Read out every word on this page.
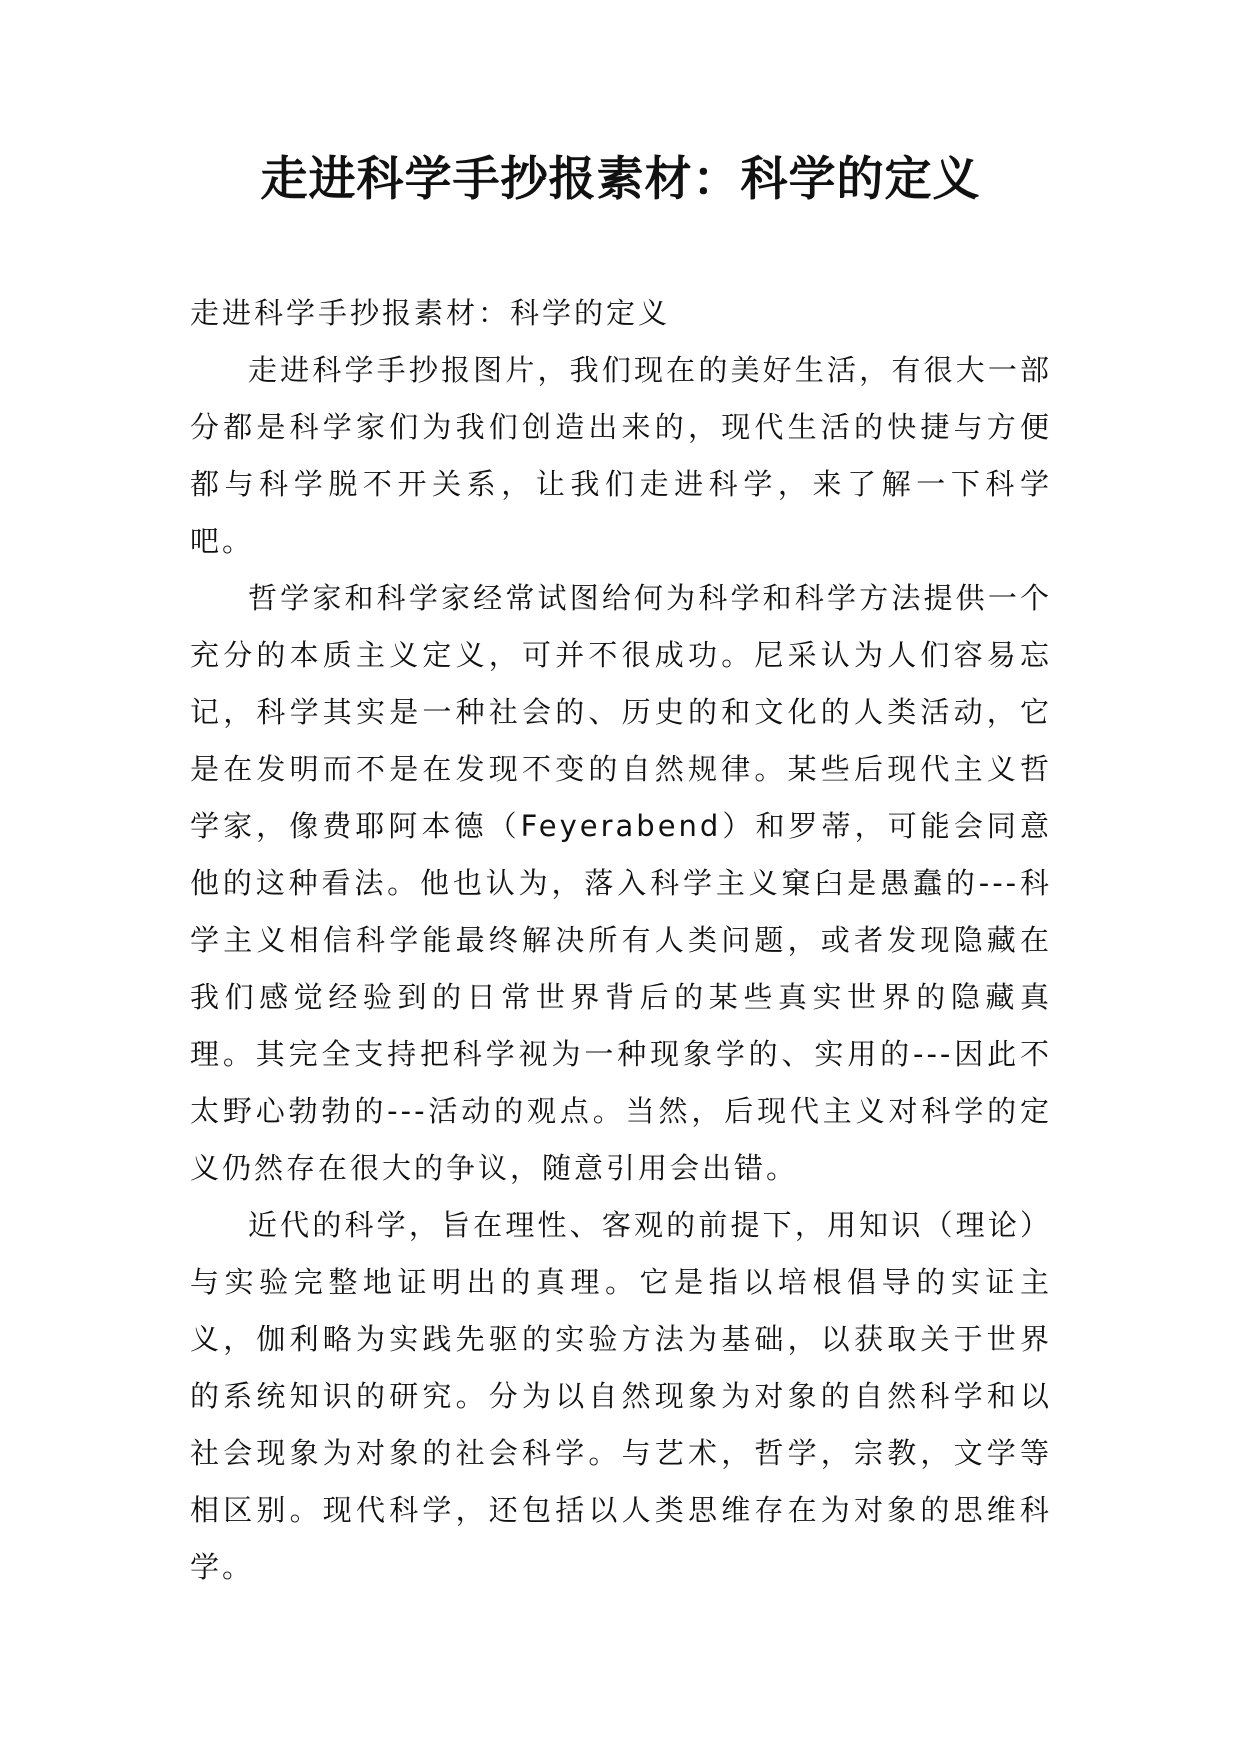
走进科学手抄报素材：科学的定义

走进科学手抄报素材：科学的定义

走进科学手抄报图片，我们现在的美好生活，有很大一部分都是科学家们为我们创造出来的，现代生活的快捷与方便都与科学脱不开关系，让我们走进科学，来了解一下科学吧。

哲学家和科学家经常试图给何为科学和科学方法提供一个充分的本质主义定义，可并不很成功。尼采认为人们容易忘记，科学其实是一种社会的、历史的和文化的人类活动，它是在发明而不是在发现不变的自然规律。某些后现代主义哲学家，像费耶阿本德（Feyerabend）和罗蒂，可能会同意他的这种看法。他也认为，落入科学主义窠臼是愚蠢的---科学主义相信科学能最终解决所有人类问题，或者发现隐藏在我们感觉经验到的日常世界背后的某些真实世界的隐藏真理。其完全支持把科学视为一种现象学的、实用的---因此不太野心勃勃的---活动的观点。当然，后现代主义对科学的定义仍然存在很大的争议，随意引用会出错。

近代的科学，旨在理性、客观的前提下，用知识（理论）与实验完整地证明出的真理。它是指以培根倡导的实证主义，伽利略为实践先驱的实验方法为基础，以获取关于世界的系统知识的研究。分为以自然现象为对象的自然科学和以社会现象为对象的社会科学。与艺术，哲学，宗教，文学等相区别。现代科学，还包括以人类思维存在为对象的思维科学。
